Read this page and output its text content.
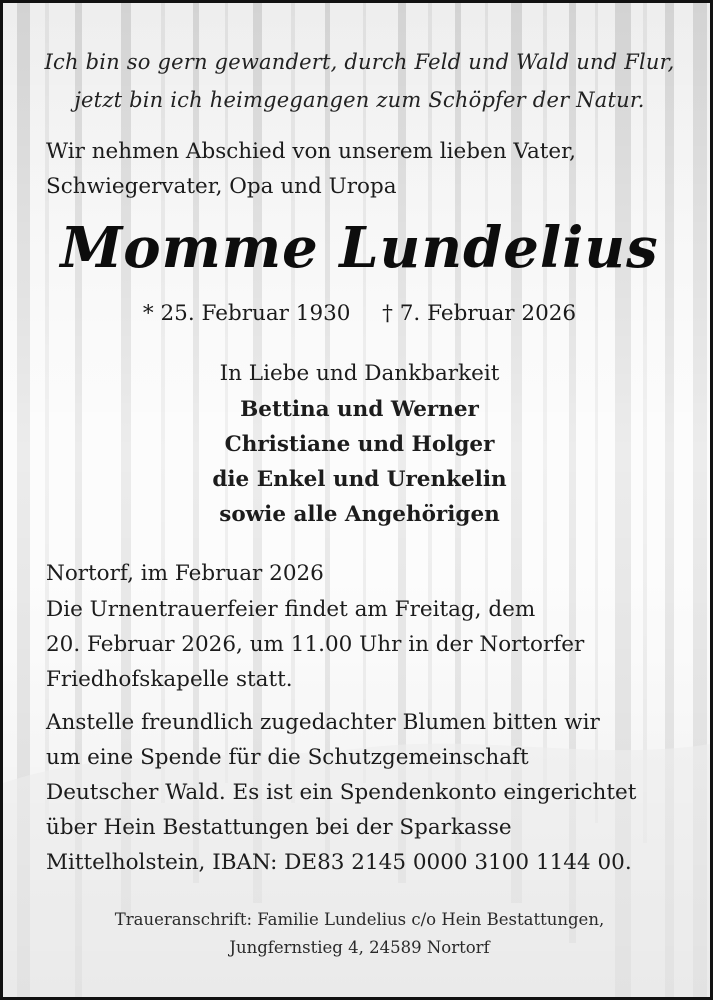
Ich bin so gern gewandert, durch Feld und Wald und Flur,
jetzt bin ich heimgegangen zum Schöpfer der Natur.
Wir nehmen Abschied von unserem lieben Vater,
Schwiegervater, Opa und Uropa
Momme Lundelius
* 25. Februar 1930 † 7. Februar 2026
In Liebe und Dankbarkeit
Bettina und Werner
Christiane und Holger
die Enkel und Urenkelin
sowie alle Angehörigen
Nortorf, im Februar 2026
Die Urnentrauerfeier findet am Freitag, dem
20. Februar 2026, um 11.00 Uhr in der Nortorfer
Friedhofskapelle statt.
Anstelle freundlich zugedachter Blumen bitten wir
um eine Spende für die Schutzgemeinschaft
Deutscher Wald. Es ist ein Spendenkonto eingerichtet
über Hein Bestattungen bei der Sparkasse
Mittelholstein, IBAN: DE83 2145 0000 3100 1144 00.
Traueranschrift: Familie Lundelius c/o Hein Bestattungen,
Jungfernstieg 4, 24589 Nortorf
